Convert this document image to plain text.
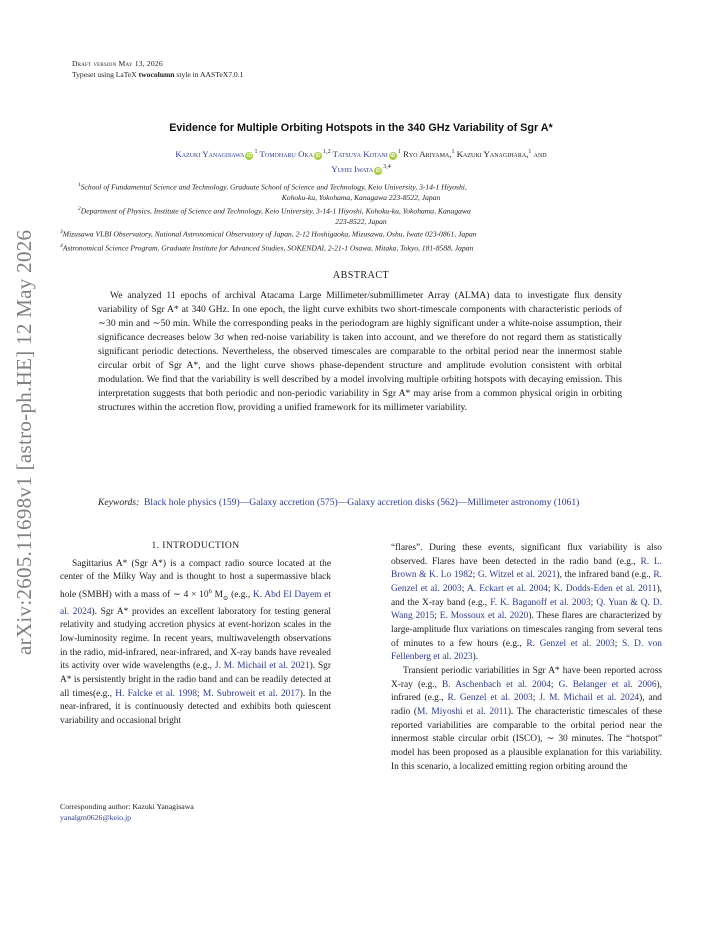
arXiv:2605.11698v1 [astro-ph.HE] 12 May 2026
Draft version May 13, 2026
Typeset using LaTeX twocolumn style in AASTeX7.0.1
Evidence for Multiple Orbiting Hotspots in the 340 GHz Variability of Sgr A*
Kazuki Yanagisawa $iD^1$ Tomoharu Oka iD$^{1,2}$ Tatsuya Kotani $iD^1$ Ryo Ariyama,$^1$ Kazuki Yanagihara,$^1$ and
Yuhei Iwata iD$^{3,4}$

$^1$School of Fundamental Science and Technology, Graduate School of Science and Technology, Keio University, 3-14-1 Hiyoshi,

Kohoku-ku, Yokohama, Kanagawa 223-8522, Japan

$^2$Department of Physics, Institute of Science and Technology, Keio University, 3-14-1 Hiyoshi, Kohoku-ku, Yokohama, Kanagawa

223-8522, Japan

$^3$Mizusawa VLBI Observatory, National Astronomical Observatory of Japan, 2-12 Hoshigaoka, Mizusawa, Oshu, Iwate 023-0861, Japan

$^4$Astronomical Science Program, Graduate Institute for Advanced Studies, SOKENDAI, 2-21-1 Osawa, Mitaka, Tokyo, 181-8588, Japan

ABSTRACT
We analyzed 11 epochs of archival Atacama Large Millimeter/submillimeter Array (ALMA) data to investigate flux density variability of Sgr A* at 340 GHz. In one epoch, the light curve exhibits two short-timescale components with characteristic periods of ∼30 min and ∼50 min. While the corresponding peaks in the periodogram are highly significant under a white-noise assumption, their significance decreases below 3σ when red-noise variability is taken into account, and we therefore do not regard them as statistically significant periodic detections. Nevertheless, the observed timescales are comparable to the orbital period near the innermost stable circular orbit of Sgr A*, and the light curve shows phase-dependent structure and amplitude evolution consistent with orbital modulation. We find that the variability is well described by a model involving multiple orbiting hotspots with decaying emission. This interpretation suggests that both periodic and non-periodic variability in Sgr A* may arise from a common physical origin in orbiting structures within the accretion flow, providing a unified framework for its millimeter variability.
Keywords: Black hole physics (159)—Galaxy accretion (575)—Galaxy accretion disks (562)—Millimeter astronomy (1061)
1. INTRODUCTION

Sagittarius A* (Sgr A*) is a compact radio source located at the center of the Milky Way and is thought to host a supermassive black hole (SMBH) with a mass of ∼ $4 \times 10^6$ $M_⊙$ (e.g., K. Abd El Dayem et al. 2024). Sgr A* provides an excellent laboratory for testing general relativity and studying accretion physics at event-horizon scales in the low-luminosity regime. In recent years, multiwavelength observations in the radio, mid-infrared, near-infrared, and X-ray bands have revealed its activity over wide wavelengths (e.g., J. M. Michail et al. 2021). Sgr A* is persistently bright in the radio band and can be readily detected at all times(e.g., H. Falcke et al. 1998; M. Subroweit et al. 2017). In the near-infrared, it is continuously detected and exhibits both quiescent variability and occasional bright

“flares”. During these events, significant flux variability is also observed. Flares have been detected in the radio band (e.g., R. L. Brown & K. Lo 1982; G. Witzel et al. 2021), the infrared band (e.g., R. Genzel et al. 2003; A. Eckart et al. 2004; K. Dodds-Eden et al. 2011), and the X-ray band (e.g., F. K. Baganoff et al. 2003; Q. Yuan & Q. D. Wang 2015; E. Mossoux et al. 2020). These flares are characterized by large-amplitude flux variations on timescales ranging from several tens of minutes to a few hours (e.g., R. Genzel et al. 2003; S. D. von Fellenberg et al. 2023).

Transient periodic variabilities in Sgr A* have been reported across X-ray (e.g., B. Aschenbach et al. 2004; G. Belanger et al. 2006), infrared (e.g., R. Genzel et al. 2003; J. M. Michail et al. 2024), and radio (M. Miyoshi et al. 2011). The characteristic timescales of these reported variabilities are comparable to the orbital period near the innermost stable circular orbit (ISCO), ∼ 30 minutes. The “hotspot” model has been proposed as a plausible explanation for this variability. In this scenario, a localized emitting region orbiting around the

Corresponding author: Kazuki Yanagisawa
yanalgm0626@keio.jp
